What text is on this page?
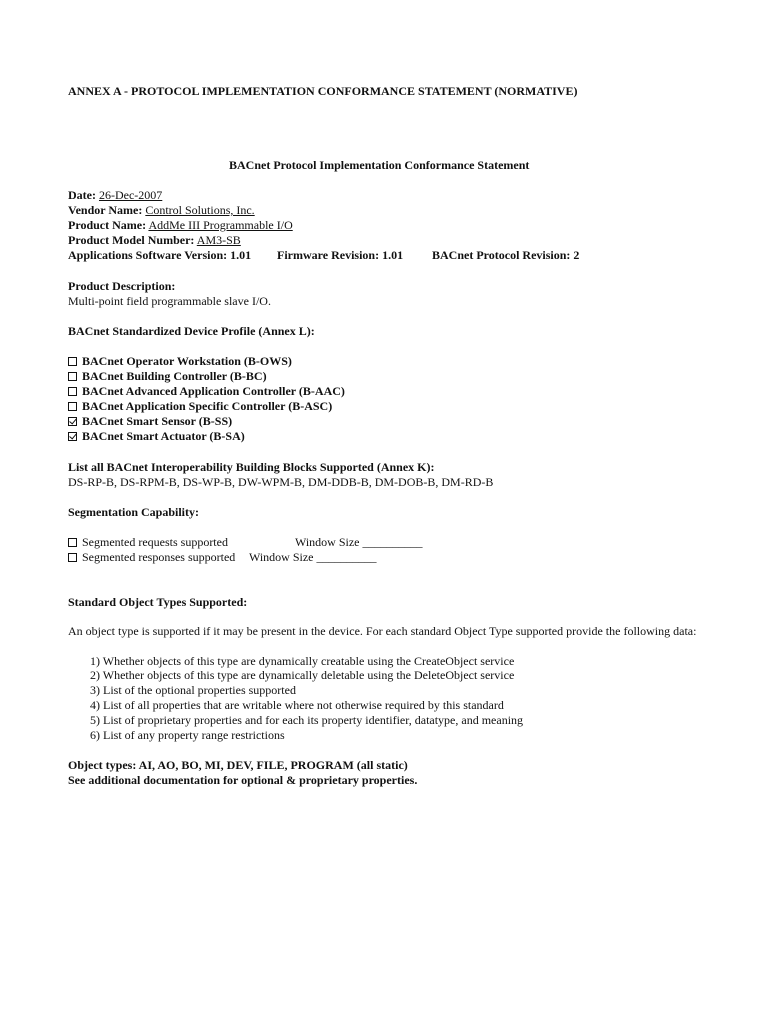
ANNEX A - PROTOCOL IMPLEMENTATION CONFORMANCE STATEMENT (NORMATIVE)
BACnet Protocol Implementation Conformance Statement
Date: 26-Dec-2007
Vendor Name: Control Solutions, Inc.
Product Name: AddMe III Programmable I/O
Product Model Number: AM3-SB
Applications Software Version: 1.01 Firmware Revision: 1.01 BACnet Protocol Revision: 2
Product Description:
Multi-point field programmable slave I/O.
BACnet Standardized Device Profile (Annex L):
BACnet Operator Workstation (B-OWS)
BACnet Building Controller (B-BC)
BACnet Advanced Application Controller (B-AAC)
BACnet Application Specific Controller (B-ASC)
BACnet Smart Sensor (B-SS)
BACnet Smart Actuator (B-SA)
List all BACnet Interoperability Building Blocks Supported (Annex K):
DS-RP-B, DS-RPM-B, DS-WP-B, DW-WPM-B, DM-DDB-B, DM-DOB-B, DM-RD-B
Segmentation Capability:
Segmented requests supported	Window Size __________
Segmented responses supported Window Size __________
Standard Object Types Supported:
An object type is supported if it may be present in the device. For each standard Object Type supported provide the following data:
1) Whether objects of this type are dynamically creatable using the CreateObject service
2) Whether objects of this type are dynamically deletable using the DeleteObject service
3) List of the optional properties supported
4) List of all properties that are writable where not otherwise required by this standard
5) List of proprietary properties and for each its property identifier, datatype, and meaning
6) List of any property range restrictions
Object types: AI, AO, BO, MI, DEV, FILE, PROGRAM (all static)
See additional documentation for optional & proprietary properties.
